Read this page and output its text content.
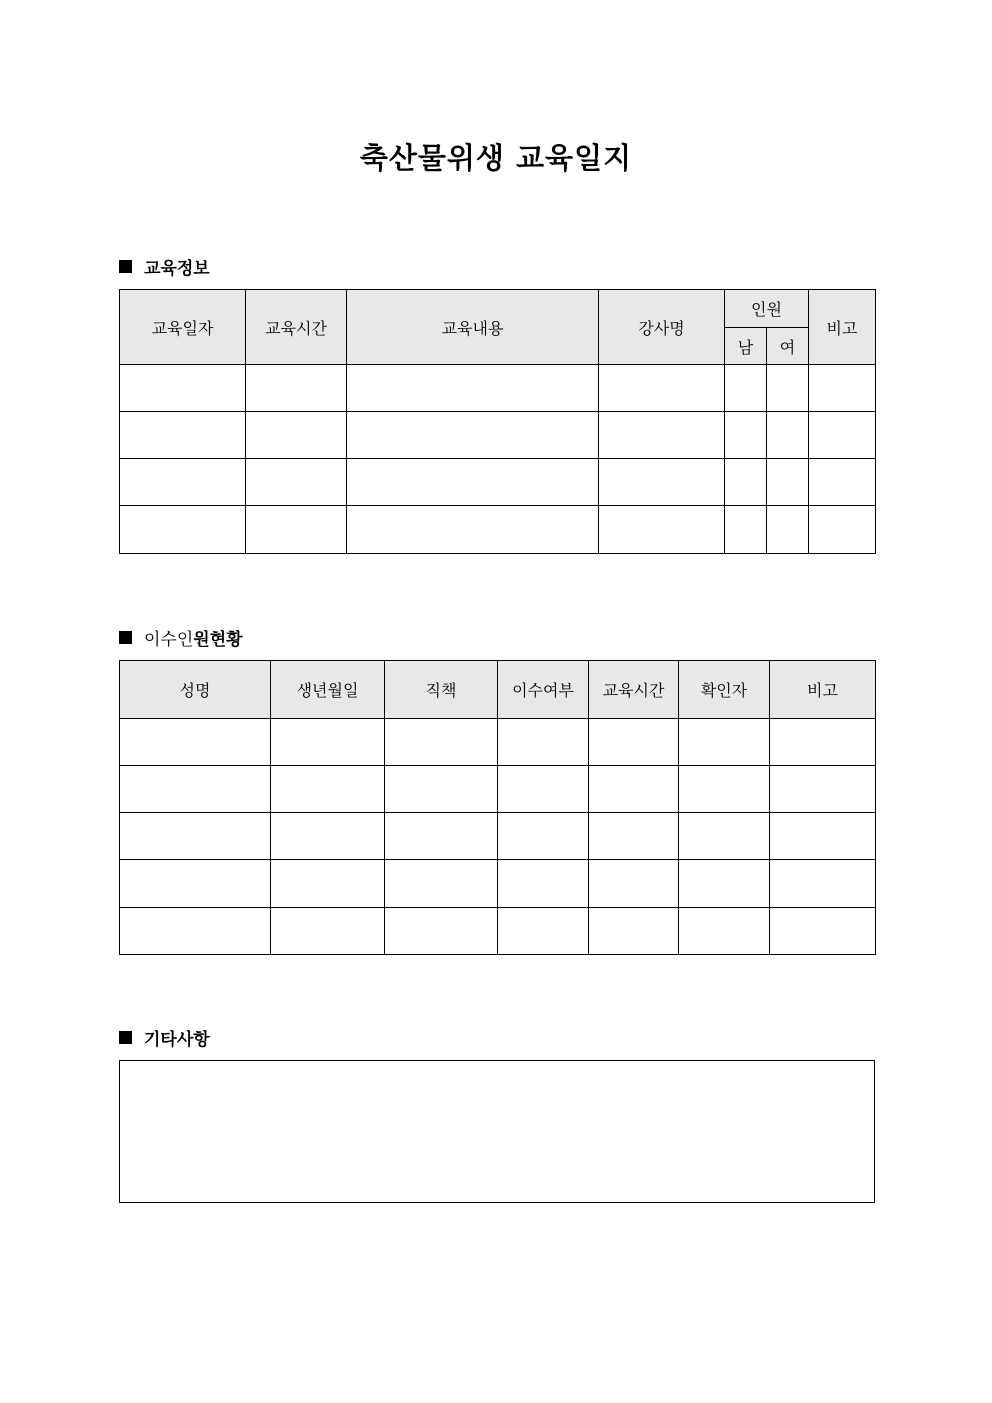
축산물위생 교육일지
교육정보
교육일자	교육시간	교육내용	강사명	인원		비고
				남	여	

이수인 원현황
성명	생년월일	직책	이수여부	교육시간	확인자	비고

기타사항
